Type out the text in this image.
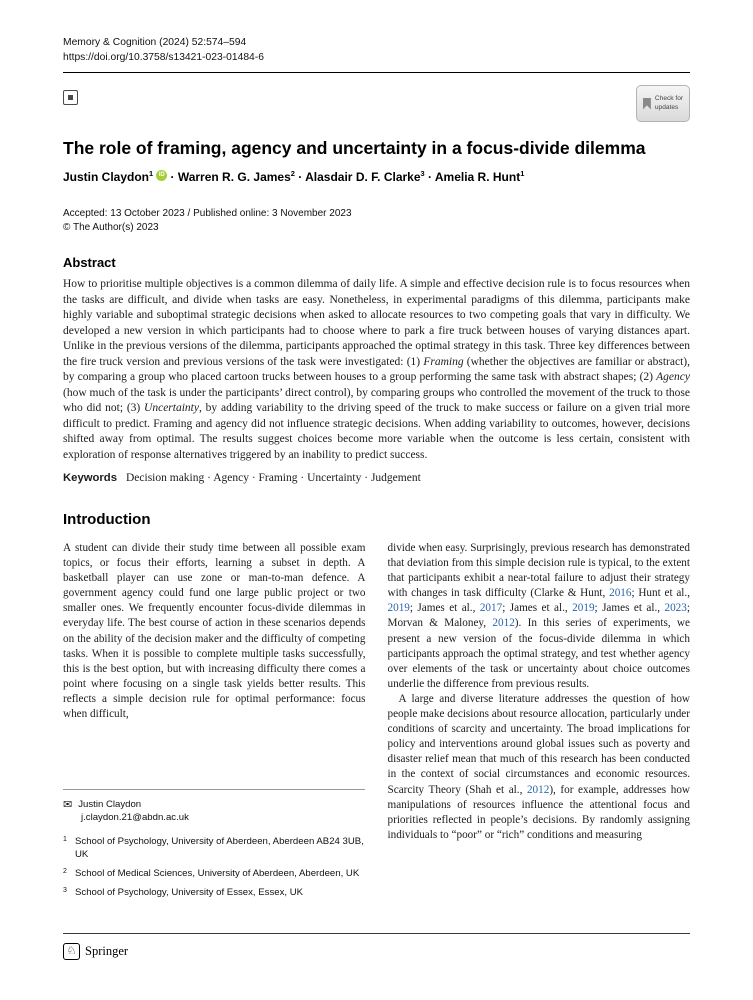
Memory & Cognition (2024) 52:574–594
https://doi.org/10.3758/s13421-023-01484-6
Check for
updates
The role of framing, agency and uncertainty in a focus-divide dilemma
Justin Claydon$^1$ iD · Warren R. G. James$^2$ · Alasdair D. F. Clarke$^3$ · Amelia R. Hunt$^1$
Accepted: 13 October 2023 / Published online: 3 November 2023
© The Author(s) 2023
Abstract
How to prioritise multiple objectives is a common dilemma of daily life. A simple and effective decision rule is to focus resources when the tasks are difficult, and divide when tasks are easy. Nonetheless, in experimental paradigms of this dilemma, participants make highly variable and suboptimal strategic decisions when asked to allocate resources to two competing goals that vary in difficulty. We developed a new version in which participants had to choose where to park a fire truck between houses of varying distances apart. Unlike in the previous versions of the dilemma, participants approached the optimal strategy in this task. Three key differences between the fire truck version and previous versions of the task were investigated: (1) Framing (whether the objectives are familiar or abstract), by comparing a group who placed cartoon trucks between houses to a group performing the same task with abstract shapes; (2) Agency (how much of the task is under the participants’ direct control), by comparing groups who controlled the movement of the truck to those who did not; (3) Uncertainty, by adding variability to the driving speed of the truck to make success or failure on a given trial more difficult to predict. Framing and agency did not influence strategic decisions. When adding variability to outcomes, however, decisions shifted away from optimal. The results suggest choices become more variable when the outcome is less certain, consistent with exploration of response alternatives triggered by an inability to predict success.
Keywords Decision making · Agency · Framing · Uncertainty · Judgement
Introduction

A student can divide their study time between all possible exam topics, or focus their efforts, learning a subset in depth. A basketball player can use zone or man-to-man defence. A government agency could fund one large public project or two smaller ones. We frequently encounter focus-divide dilemmas in everyday life. The best course of action in these scenarios depends on the ability of the decision maker and the difficulty of competing tasks. When it is possible to complete multiple tasks successfully, this is the best option, but with increasing difficulty there comes a point where focusing on a single task yields better results. This reflects a simple decision rule for optimal performance: focus when difficult,

divide when easy. Surprisingly, previous research has demonstrated that deviation from this simple decision rule is typical, to the extent that participants exhibit a near-total failure to adjust their strategy with changes in task difficulty (Clarke & Hunt, 2016; Hunt et al., 2019; James et al., 2017; James et al., 2019; James et al., 2023; Morvan & Maloney, 2012). In this series of experiments, we present a new version of the focus-divide dilemma in which participants approach the optimal strategy, and test whether agency over elements of the task or uncertainty about choice outcomes underlie the difference from previous results.

A large and diverse literature addresses the question of how people make decisions about resource allocation, particularly under conditions of scarcity and uncertainty. The broad implications for policy and interventions around global issues such as poverty and disaster relief mean that much of this research has been conducted in the context of social circumstances and economic resources. Scarcity Theory (Shah et al., 2012), for example, addresses how manipulations of resources influence the attentional focus and priorities reflected in people’s decisions. By randomly assigning individuals to “poor” or “rich” conditions and measuring

✉ Justin Claydon
j.claydon.21@abdn.ac.uk
1 School of Psychology, University of Aberdeen, Aberdeen AB24 3UB, UK
2 School of Medical Sciences, University of Aberdeen, Aberdeen, UK
3 School of Psychology, University of Essex, Essex, UK
♘ Springer
